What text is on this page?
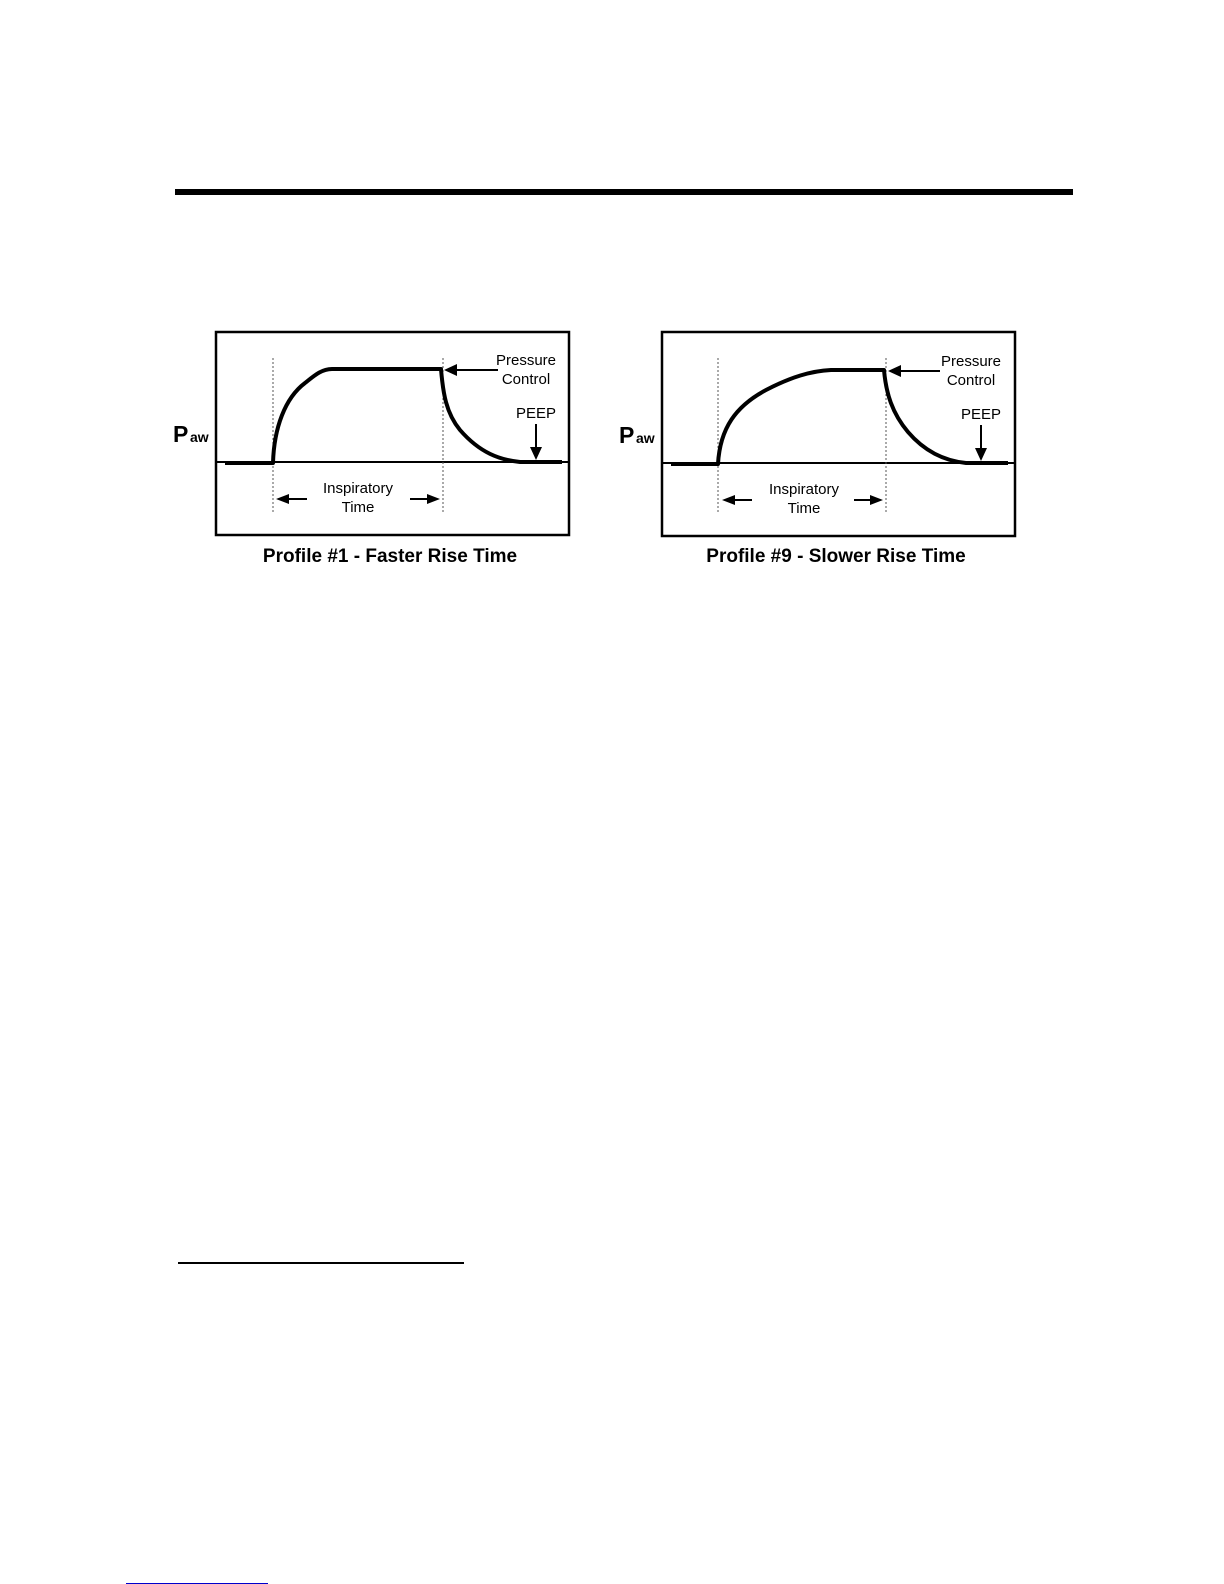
P aw
Pressure
Control
PEEP
Inspiratory
Time
Profile #1 - Faster Rise Time
P aw
Pressure
Control
PEEP
Inspiratory
Time
Profile #9 - Slower Rise Time
